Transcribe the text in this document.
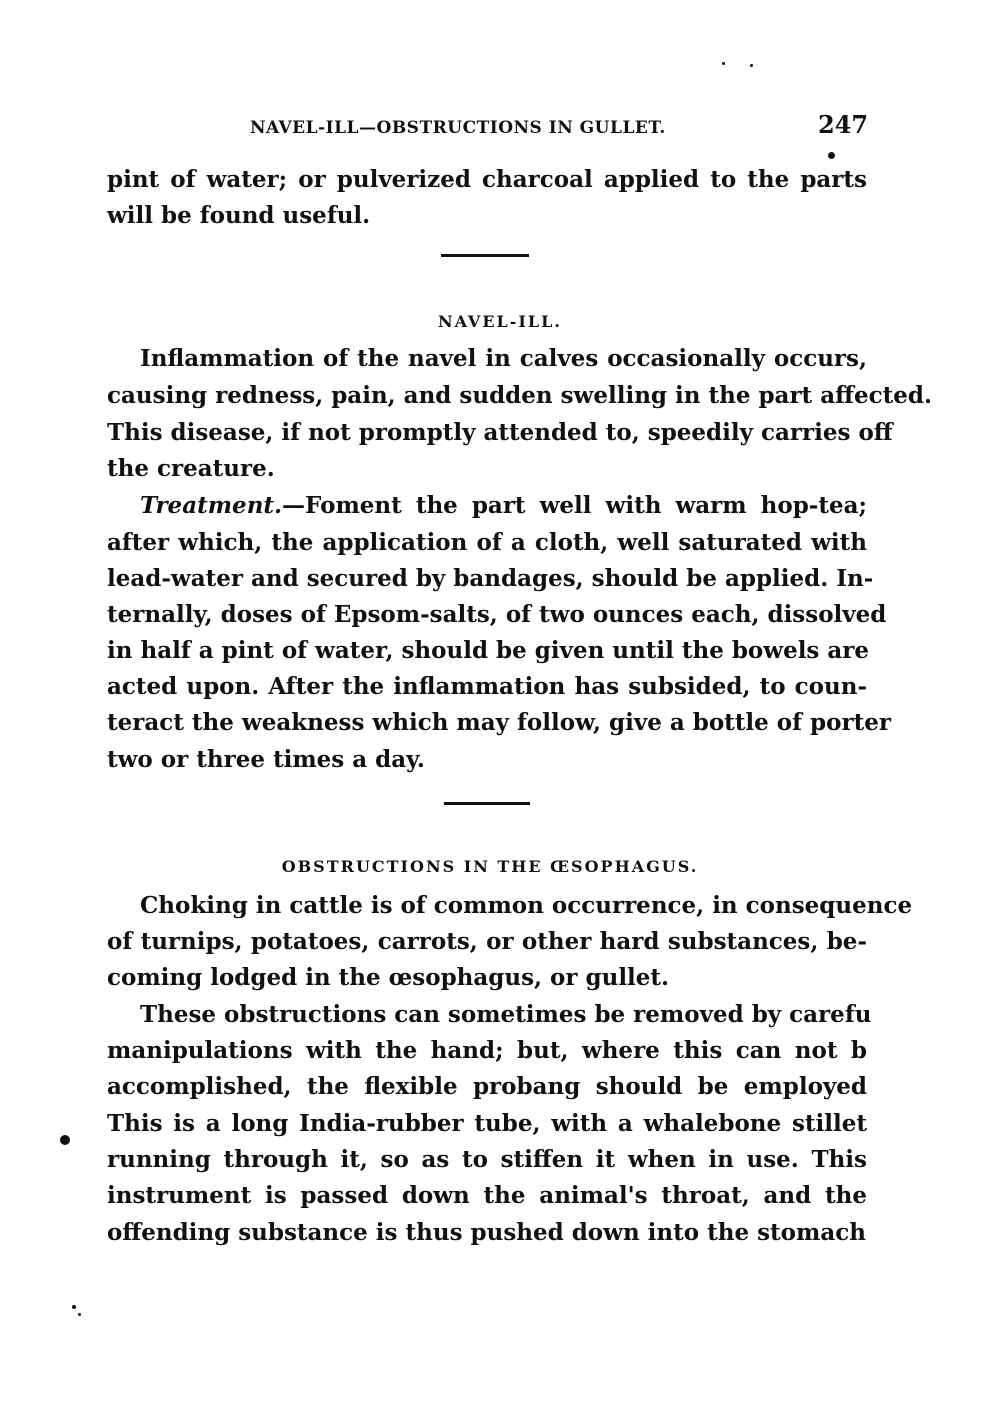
NAVEL-ILL—OBSTRUCTIONS IN GULLET.	247
pint of water; or pulverized charcoal applied to the parts
will be found useful.
NAVEL-ILL.
Inflammation of the navel in calves occasionally occurs,
causing redness, pain, and sudden swelling in the part affected.
This disease, if not promptly attended to, speedily carries off
the creature.
Treatment.—Foment the part well with warm hop-tea;
after which, the application of a cloth, well saturated with
lead-water and secured by bandages, should be applied. In-
ternally, doses of Epsom-salts, of two ounces each, dissolved
in half a pint of water, should be given until the bowels are
acted upon. After the inflammation has subsided, to coun-
teract the weakness which may follow, give a bottle of porter
two or three times a day.
OBSTRUCTIONS IN THE ŒSOPHAGUS.
Choking in cattle is of common occurrence, in consequence
of turnips, potatoes, carrots, or other hard substances, be-
coming lodged in the œsophagus, or gullet.
These obstructions can sometimes be removed by carefu
manipulations with the hand; but, where this can not b
accomplished, the flexible probang should be employed
This is a long India-rubber tube, with a whalebone stillet
running through it, so as to stiffen it when in use. This
instrument is passed down the animal's throat, and the
offending substance is thus pushed down into the stomach
